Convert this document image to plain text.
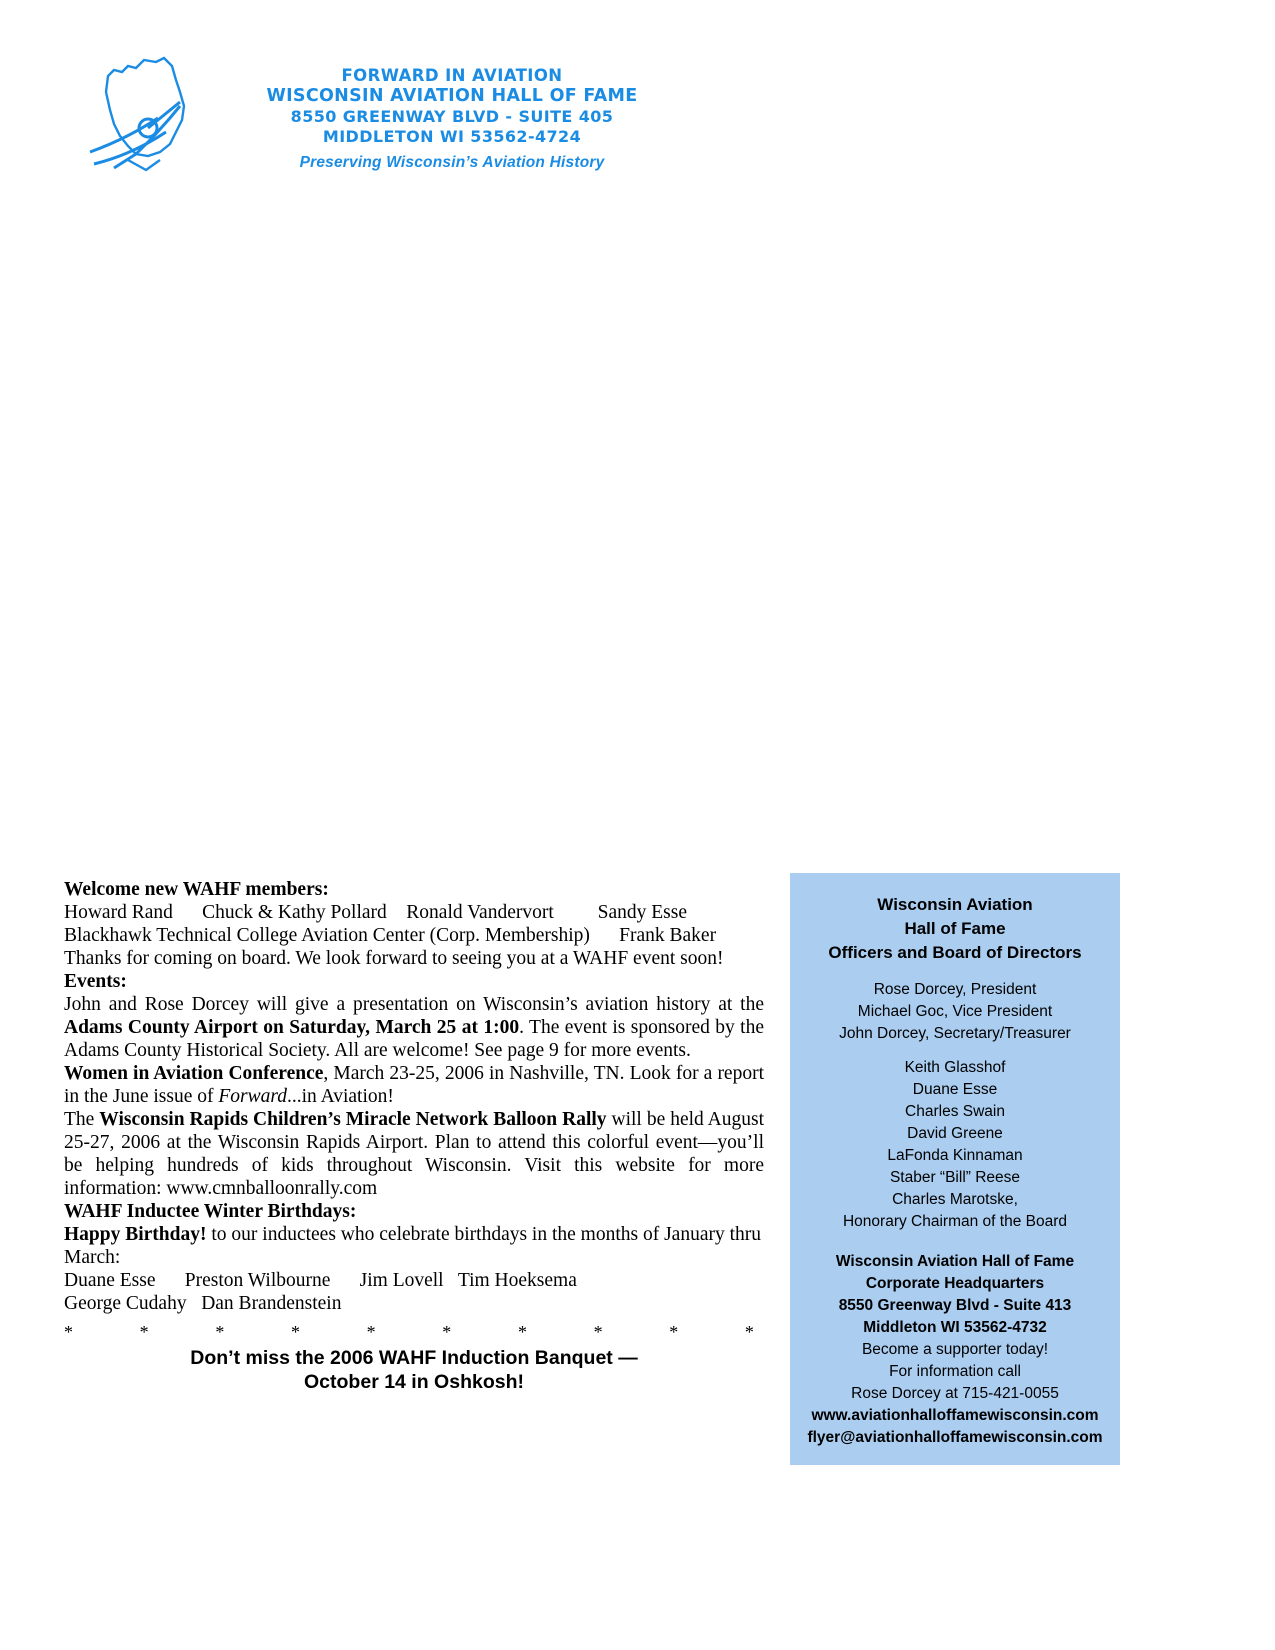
FORWARD IN AVIATION
WISCONSIN AVIATION HALL OF FAME
8550 GREENWAY BLVD - SUITE 405
MIDDLETON WI 53562-4724
Preserving Wisconsin’s Aviation History

Welcome new WAHF members:

Howard Rand      Chuck & Kathy Pollard    Ronald Vandervort         Sandy Esse

Blackhawk Technical College Aviation Center (Corp. Membership)      Frank Baker

Thanks for coming on board. We look forward to seeing you at a WAHF event soon!

Events:

John and Rose Dorcey will give a presentation on Wisconsin’s aviation history at the Adams County Airport on Saturday, March 25 at 1:00. The event is sponsored by the Adams County Historical Society. All are welcome! See page 9 for more events.

Women in Aviation Conference, March 23-25, 2006 in Nashville, TN. Look for a report in the June issue of Forward...in Aviation!

The Wisconsin Rapids Children’s Miracle Network Balloon Rally will be held August 25-27, 2006 at the Wisconsin Rapids Airport. Plan to attend this colorful event—you’ll be helping hundreds of kids throughout Wisconsin. Visit this website for more information: www.cmnballoonrally.com

WAHF Inductee Winter Birthdays:

Happy Birthday! to our inductees who celebrate birthdays in the months of January thru March:

Duane Esse      Preston Wilbourne      Jim Lovell   Tim Hoeksema

George Cudahy   Dan Brandenstein

*	*	*	*	*	*	*	*	*	*
Don’t miss the 2006 WAHF Induction Banquet —
October 14 in Oshkosh!
Wisconsin Aviation
Hall of Fame
Officers and Board of Directors
Rose Dorcey, President
Michael Goc, Vice President
John Dorcey, Secretary/Treasurer
Keith Glasshof
Duane Esse
Charles Swain
David Greene
LaFonda Kinnaman
Staber “Bill” Reese
Charles Marotske,
Honorary Chairman of the Board
Wisconsin Aviation Hall of Fame
Corporate Headquarters
8550 Greenway Blvd - Suite 413
Middleton WI 53562-4732
Become a supporter today!
For information call
Rose Dorcey at 715-421-0055
www.aviationhalloffamewisconsin.com
flyer@aviationhalloffamewisconsin.com
